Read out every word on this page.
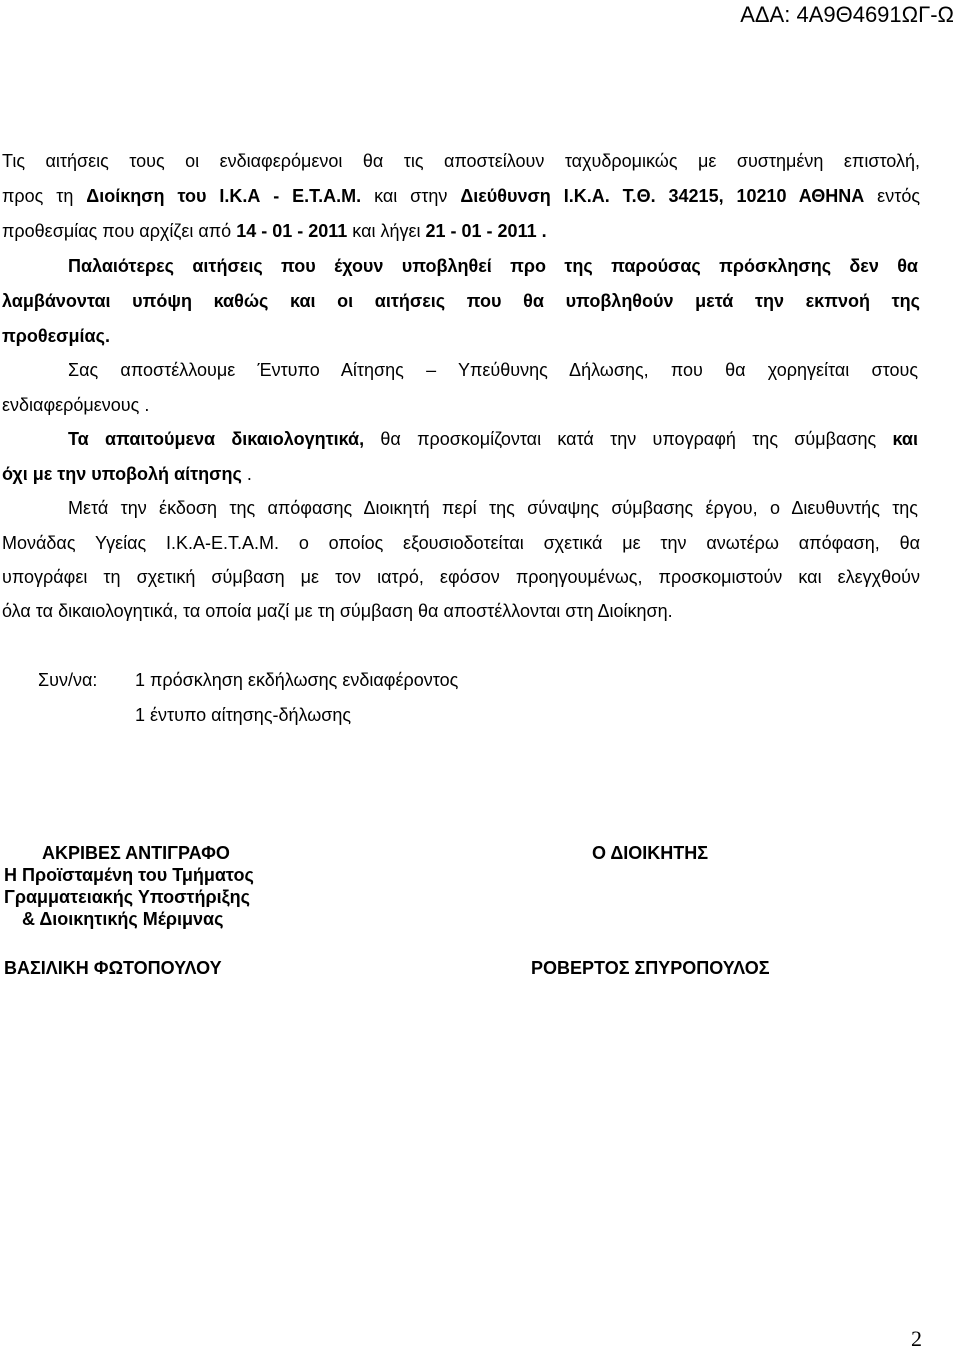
ΑΔΑ: 4Α9Θ4691ΩΓ-Ω
Τις αιτήσεις τους οι ενδιαφερόμενοι θα τις αποστείλουν ταχυδρομικώς με συστημένη επιστολή,
προς τη Διοίκηση του Ι.Κ.Α - Ε.Τ.Α.Μ. και στην Διεύθυνση Ι.Κ.Α. Τ.Θ. 34215, 10210 ΑΘΗΝΑ εντός
προθεσμίας που αρχίζει από 14 - 01 - 2011 και λήγει 21 - 01 - 2011 .
Παλαιότερες αιτήσεις που έχουν υποβληθεί προ της παρούσας πρόσκλησης δεν θα
λαμβάνονται υπόψη καθώς και οι αιτήσεις που θα υποβληθούν μετά την εκπνοή της
προθεσμίας.
Σας αποστέλλουμε Έντυπο Αίτησης – Υπεύθυνης Δήλωσης, που θα χορηγείται στους
ενδιαφερόμενους .
Τα απαιτούμενα δικαιολογητικά, θα προσκομίζονται κατά την υπογραφή της σύμβασης και
όχι με την υποβολή αίτησης .
Μετά την έκδοση της απόφασης Διοικητή περί της σύναψης σύμβασης έργου, ο Διευθυντής της
Μονάδας Υγείας Ι.Κ.Α-Ε.Τ.Α.Μ. ο οποίος εξουσιοδοτείται σχετικά με την ανωτέρω απόφαση, θα
υπογράφει τη σχετική σύμβαση με τον ιατρό, εφόσον προηγουμένως, προσκομιστούν και ελεγχθούν
όλα τα δικαιολογητικά, τα οποία μαζί με τη σύμβαση θα αποστέλλονται στη Διοίκηση.
Συν/να: 1 πρόσκληση εκδήλωσης ενδιαφέροντος
1 έντυπο αίτησης-δήλωσης
ΑΚΡΙΒΕΣ ΑΝΤΙΓΡΑΦΟ
Η Προϊσταμένη του Τμήματος
Γραμματειακής Υποστήριξης
& Διοικητικής Μέριμνας
ΒΑΣΙΛΙΚΗ ΦΩΤΟΠΟΥΛΟΥ
Ο ΔΙΟΙΚΗΤΗΣ
ΡΟΒΕΡΤΟΣ ΣΠΥΡΟΠΟΥΛΟΣ
2
